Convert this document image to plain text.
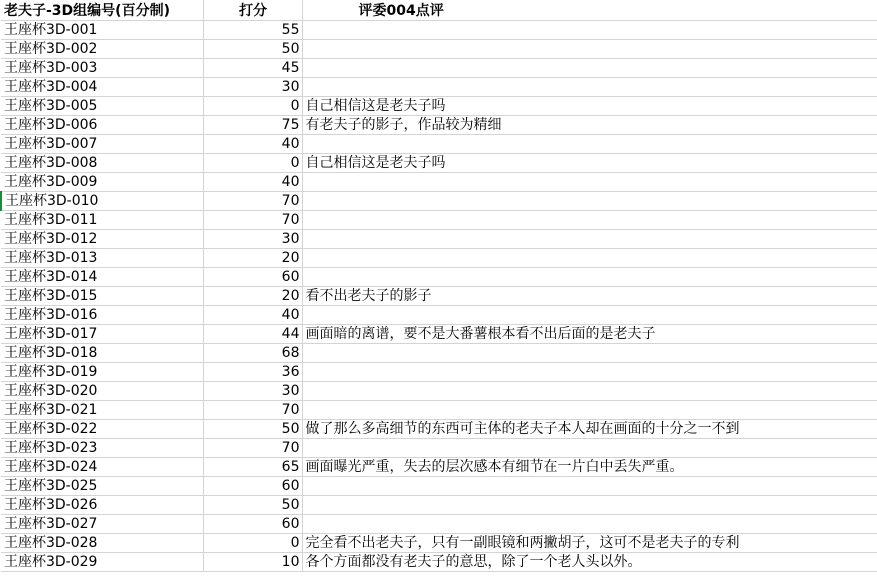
老夫子-3D组编号(百分制)	打分	评委004点评
王座杯3D-001	55	
王座杯3D-002	50	
王座杯3D-003	45	
王座杯3D-004	30	
王座杯3D-005	0	自己相信这是老夫子吗
王座杯3D-006	75	有老夫子的影子，作品较为精细
王座杯3D-007	40	
王座杯3D-008	0	自己相信这是老夫子吗
王座杯3D-009	40	
王座杯3D-010	70	
王座杯3D-011	70	
王座杯3D-012	30	
王座杯3D-013	20	
王座杯3D-014	60	
王座杯3D-015	20	看不出老夫子的影子
王座杯3D-016	40	
王座杯3D-017	44	画面暗的离谱，要不是大番薯根本看不出后面的是老夫子
王座杯3D-018	68	
王座杯3D-019	36	
王座杯3D-020	30	
王座杯3D-021	70	
王座杯3D-022	50	做了那么多高细节的东西可主体的老夫子本人却在画面的十分之一不到
王座杯3D-023	70	
王座杯3D-024	65	画面曝光严重，失去的层次感本有细节在一片白中丢失严重。
王座杯3D-025	60	
王座杯3D-026	50	
王座杯3D-027	60	
王座杯3D-028	0	完全看不出老夫子，只有一副眼镜和两撇胡子，这可不是老夫子的专利
王座杯3D-029	10	各个方面都没有老夫子的意思，除了一个老人头以外。
